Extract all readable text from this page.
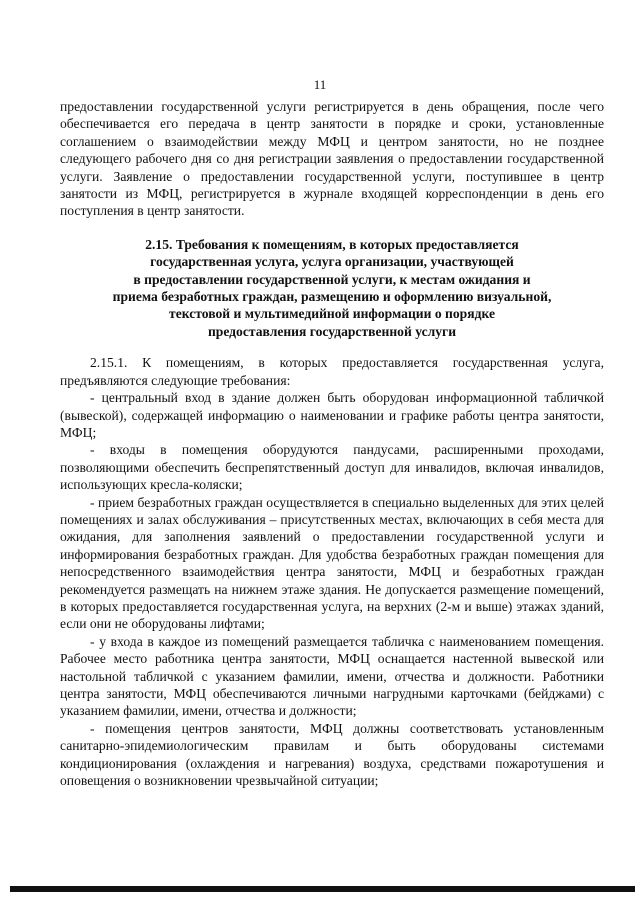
11

предоставлении государственной услуги регистрируется в день обращения, после чего обеспечивается его передача в центр занятости в порядке и сроки, установленные соглашением о взаимодействии между МФЦ и центром занятости, но не позднее следующего рабочего дня со дня регистрации заявления о предоставлении государственной услуги. Заявление о предоставлении государственной услуги, поступившее в центр занятости из МФЦ, регистрируется в журнале входящей корреспонденции в день его поступления в центр занятости.

2.15. Требования к помещениям, в которых предоставляется
государственная услуга, услуга организации, участвующей
в предоставлении государственной услуги, к местам ожидания и
приема безработных граждан, размещению и оформлению визуальной,
текстовой и мультимедийной информации о порядке
предоставления государственной услуги

2.15.1. К помещениям, в которых предоставляется государственная услуга, предъявляются следующие требования:

- центральный вход в здание должен быть оборудован информационной табличкой (вывеской), содержащей информацию о наименовании и графике работы центра занятости, МФЦ;

- входы в помещения оборудуются пандусами, расширенными проходами, позволяющими обеспечить беспрепятственный доступ для инвалидов, включая инвалидов, использующих кресла-коляски;

- прием безработных граждан осуществляется в специально выделенных для этих целей помещениях и залах обслуживания – присутственных местах, включающих в себя места для ожидания, для заполнения заявлений о предоставлении государственной услуги и информирования безработных граждан. Для удобства безработных граждан помещения для непосредственного взаимодействия центра занятости, МФЦ и безработных граждан рекомендуется размещать на нижнем этаже здания. Не допускается размещение помещений, в которых предоставляется государственная услуга, на верхних (2-м и выше) этажах зданий, если они не оборудованы лифтами;

- у входа в каждое из помещений размещается табличка с наименованием помещения. Рабочее место работника центра занятости, МФЦ оснащается настенной вывеской или настольной табличкой с указанием фамилии, имени, отчества и должности. Работники центра занятости, МФЦ обеспечиваются личными нагрудными карточками (бейджами) с указанием фамилии, имени, отчества и должности;

- помещения центров занятости, МФЦ должны соответствовать установленным санитарно-эпидемиологическим правилам и быть оборудованы системами кондиционирования (охлаждения и нагревания) воздуха, средствами пожаротушения и оповещения о возникновении чрезвычайной ситуации;
